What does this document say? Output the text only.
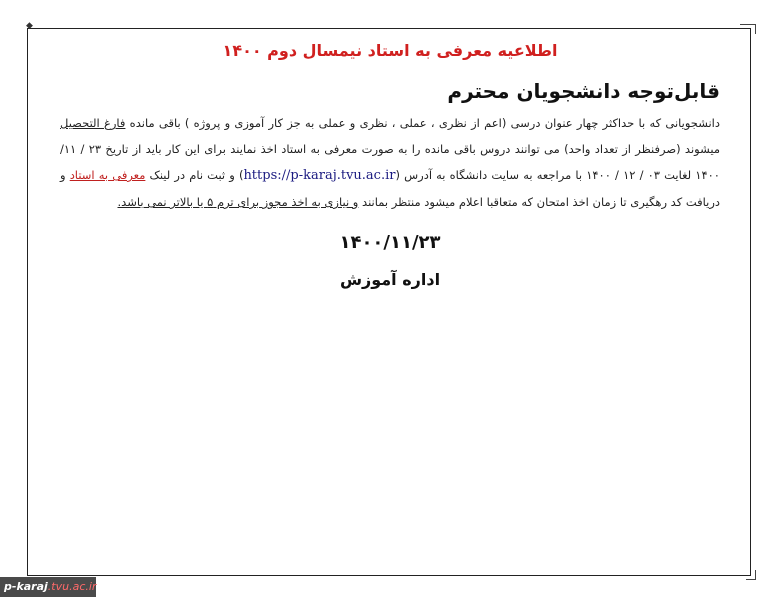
◆

اطلاعیه معرفی به استاد نیمسال دوم ۱۴۰۰

قابل‌توجه دانشجویان محترم

دانشجویانی که با حداکثر چهار عنوان درسی (اعم از نظری ، عملی ، نظری و عملی به جز کار آموزی و پروژه ) باقی مانده فارغ التحصیل میشوند (صرفنظر از تعداد واحد) می توانند دروس باقی مانده را به صورت معرفی به استاد اخذ نمایند برای این کار باید از تاریخ ۲۳ / ۱۱/ ۱۴۰۰ لغایت ۰۳ / ۱۲ / ۱۴۰۰ با مراجعه به سایت دانشگاه به آدرس (https://p-karaj.tvu.ac.ir) و ثبت نام در لینک معرفی به استاد و دریافت کد رهگیری تا زمان اخذ امتحان که متعاقبا اعلام میشود منتظر بمانند و نیازی به اخذ مجوز برای ترم ۵ یا بالاتر نمی باشد.

۱۴۰۰/۱۱/۲۳

اداره آموزش

p-karaj.tvu.ac.ir
